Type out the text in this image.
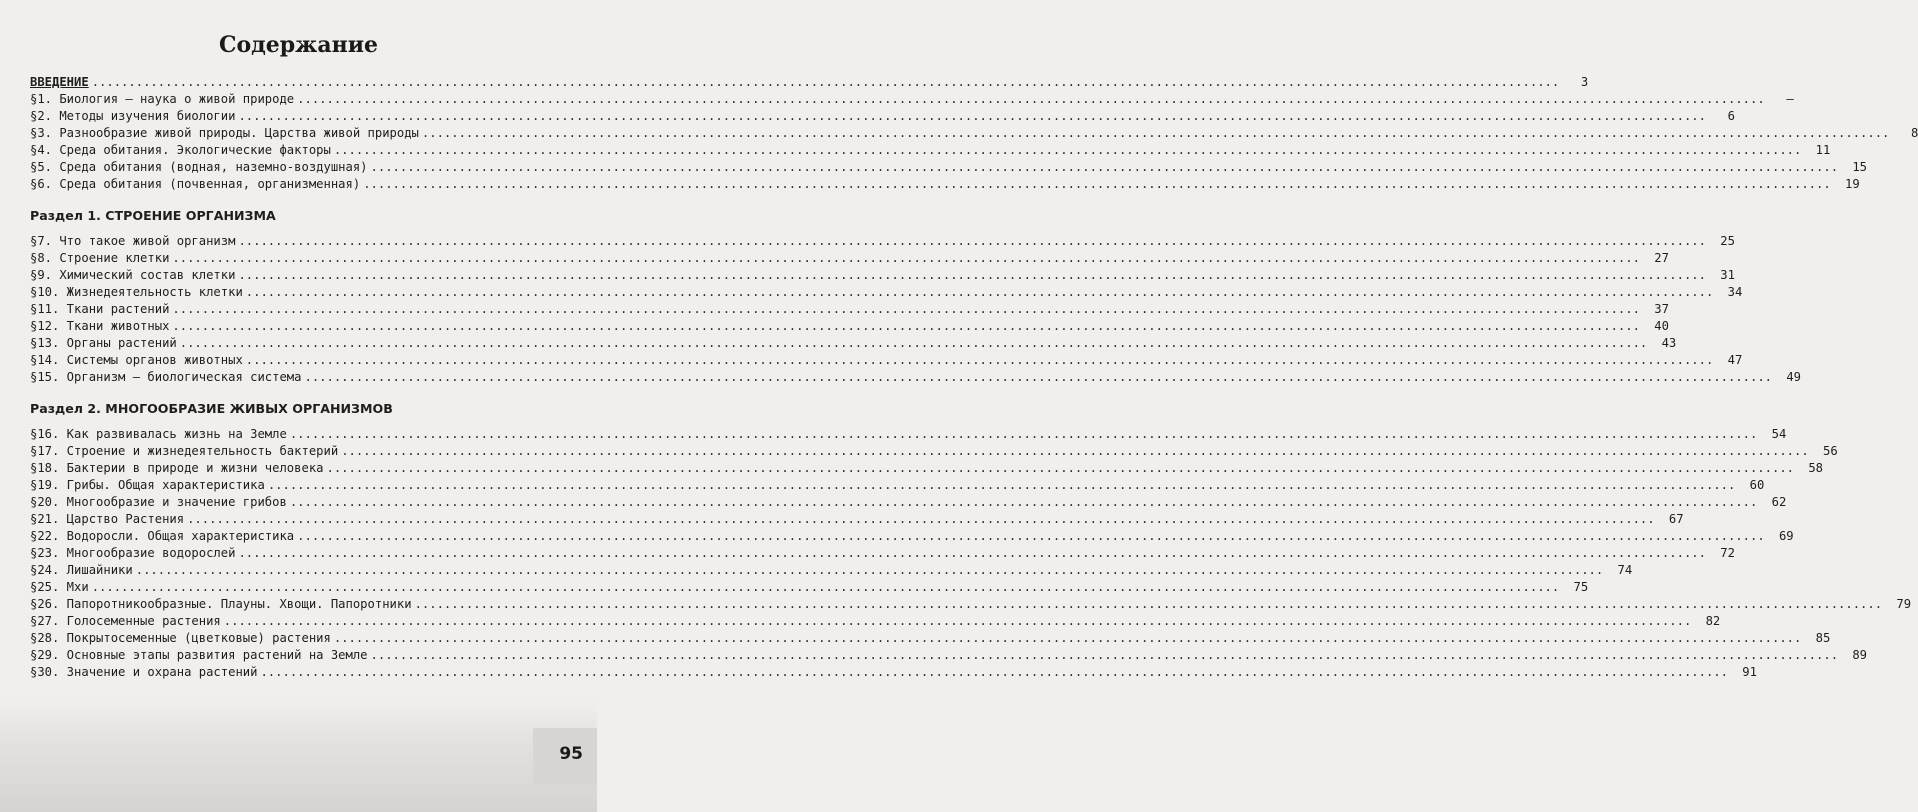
Содержание
ВВЕДЕНИЕ ........................................................................................................................................................................................................	3
§1. Биология — наука о живой природе ........................................................................................................................................................................................................	—
§2. Методы изучения биологии ........................................................................................................................................................................................................	6
§3. Разнообразие живой природы. Царства живой природы ........................................................................................................................................................................................................	8
§4. Среда обитания. Экологические факторы ........................................................................................................................................................................................................	11
§5. Среда обитания (водная, наземно-воздушная) ........................................................................................................................................................................................................	15
§6. Среда обитания (почвенная, организменная) ........................................................................................................................................................................................................	19
Раздел 1. СТРОЕНИЕ ОРГАНИЗМА
§7. Что такое живой организм ........................................................................................................................................................................................................	25
§8. Строение клетки ........................................................................................................................................................................................................	27
§9. Химический состав клетки ........................................................................................................................................................................................................	31
§10. Жизнедеятельность клетки ........................................................................................................................................................................................................	34
§11. Ткани растений ........................................................................................................................................................................................................	37
§12. Ткани животных ........................................................................................................................................................................................................	40
§13. Органы растений ........................................................................................................................................................................................................	43
§14. Системы органов животных ........................................................................................................................................................................................................	47
§15. Организм — биологическая система ........................................................................................................................................................................................................	49
Раздел 2. МНОГООБРАЗИЕ ЖИВЫХ ОРГАНИЗМОВ
§16. Как развивалась жизнь на Земле ........................................................................................................................................................................................................	54
§17. Строение и жизнедеятельность бактерий ........................................................................................................................................................................................................	56
§18. Бактерии в природе и жизни человека ........................................................................................................................................................................................................	58
§19. Грибы. Общая характеристика ........................................................................................................................................................................................................	60
§20. Многообразие и значение грибов ........................................................................................................................................................................................................	62
§21. Царство Растения ........................................................................................................................................................................................................	67
§22. Водоросли. Общая характеристика ........................................................................................................................................................................................................	69
§23. Многообразие водорослей ........................................................................................................................................................................................................	72
§24. Лишайники ........................................................................................................................................................................................................	74
§25. Мхи ........................................................................................................................................................................................................	75
§26. Папоротникообразные. Плауны. Хвощи. Папоротники ........................................................................................................................................................................................................	79
§27. Голосеменные растения ........................................................................................................................................................................................................	82
§28. Покрытосеменные (цветковые) растения ........................................................................................................................................................................................................	85
§29. Основные этапы развития растений на Земле ........................................................................................................................................................................................................	89
§30. Значение и охрана растений ........................................................................................................................................................................................................	91
95
